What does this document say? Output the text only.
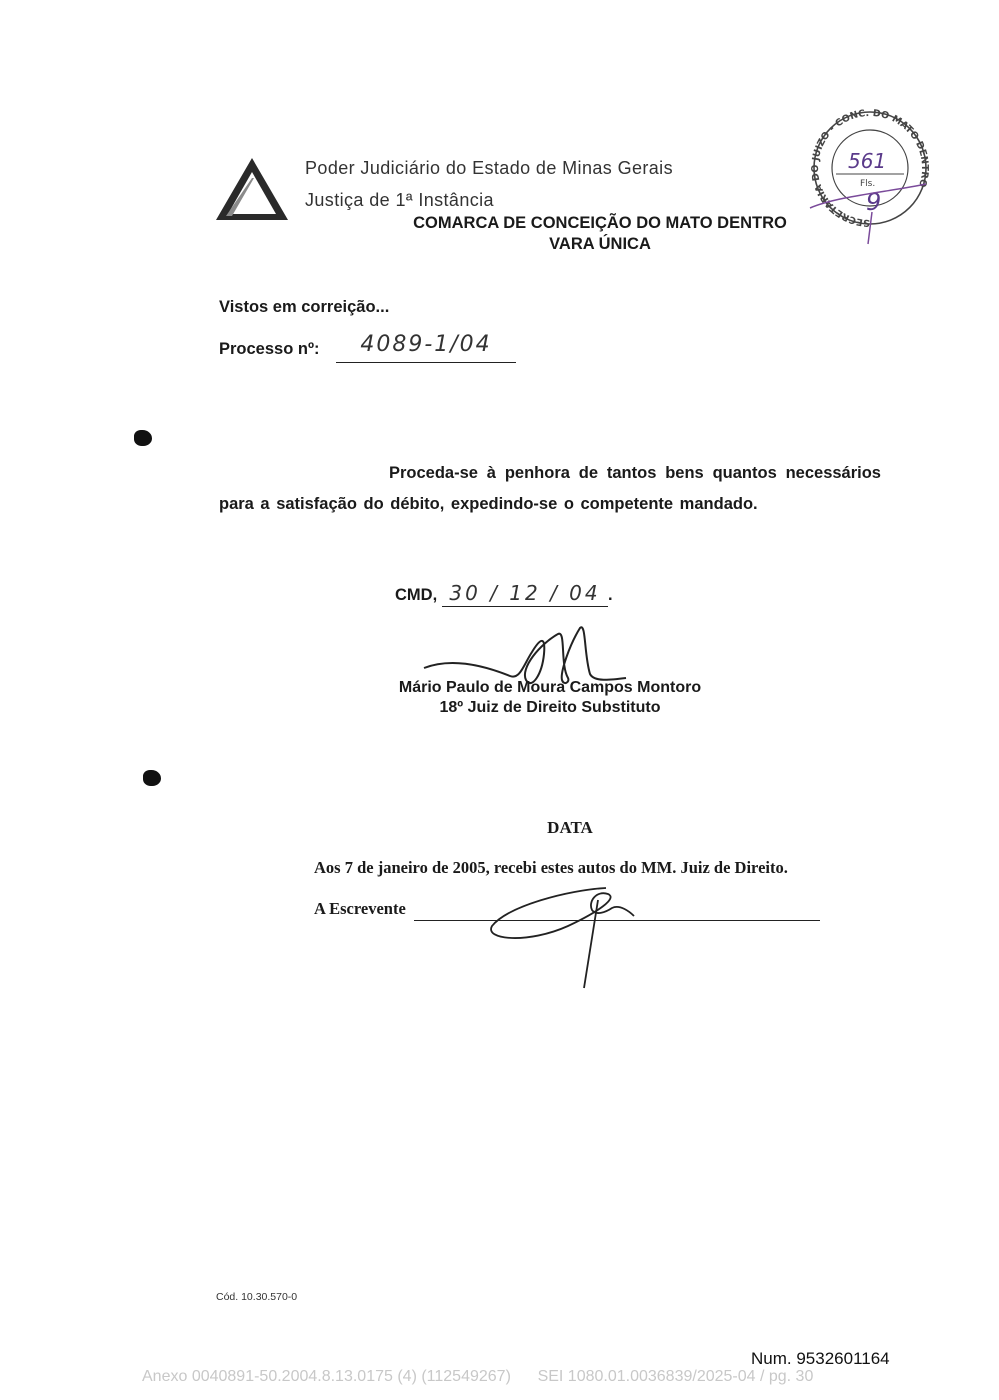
Poder Judiciário do Estado de Minas Gerais
Justiça de 1ª Instância
COMARCA DE CONCEIÇÃO DO MATO DENTRO
VARA ÚNICA
SECRETARIA DO JUIZO - CONC. DO MATO DENTRO
561
Fls.
9
Vistos em correição...
Processo nº:	4089-1/04
Proceda-se à penhora de tantos bens quantos necessários para a satisfação do débito, expedindo-se o competente mandado.
CMD, 30 / 12 / 04 .
Mário Paulo de Moura Campos Montoro
18º Juiz de Direito Substituto
DATA
Aos 7 de janeiro de 2005, recebi estes autos do MM. Juiz de Direito.
A Escrevente
Cód. 10.30.570-0
Num. 9532601164
Anexo 0040891-50.2004.8.13.0175 (4) (112549267) SEI 1080.01.0036839/2025-04 / pg. 30
